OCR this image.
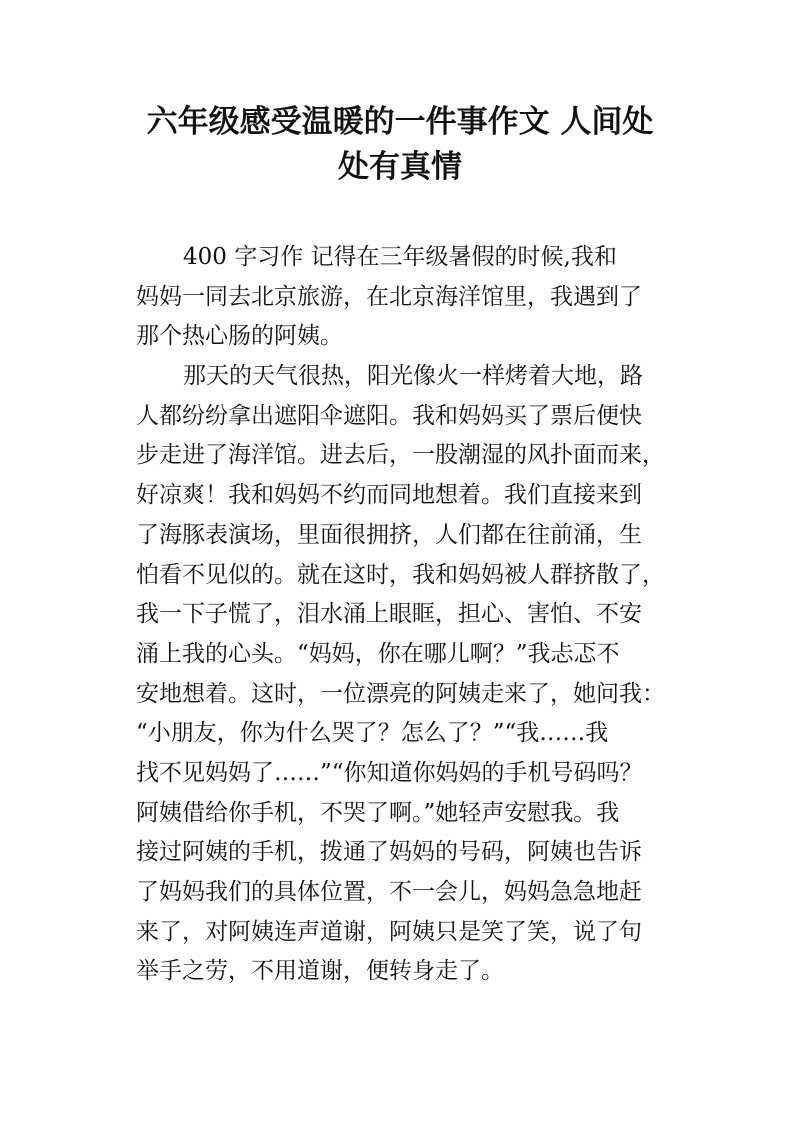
六年级感受温暖的一件事作文 人间处
处有真情
400 字习作 记得在三年级暑假的时候,我和
妈妈一同去北京旅游，在北京海洋馆里，我遇到了
那个热心肠的阿姨。
那天的天气很热，阳光像火一样烤着大地，路
人都纷纷拿出遮阳伞遮阳。我和妈妈买了票后便快
步走进了海洋馆。进去后，一股潮湿的风扑面而来，
好凉爽！我和妈妈不约而同地想着。我们直接来到
了海豚表演场，里面很拥挤，人们都在往前涌，生
怕看不见似的。就在这时，我和妈妈被人群挤散了，
我一下子慌了，泪水涌上眼眶，担心、害怕、不安
涌上我的心头。“妈妈，你在哪儿啊？”我忐忑不
安地想着。这时，一位漂亮的阿姨走来了，她问我：
“小朋友，你为什么哭了？怎么了？”“我……我
找不见妈妈了……”“你知道你妈妈的手机号码吗？
阿姨借给你手机，不哭了啊。”她轻声安慰我。我
接过阿姨的手机，拨通了妈妈的号码，阿姨也告诉
了妈妈我们的具体位置，不一会儿，妈妈急急地赶
来了，对阿姨连声道谢，阿姨只是笑了笑，说了句
举手之劳，不用道谢，便转身走了。
